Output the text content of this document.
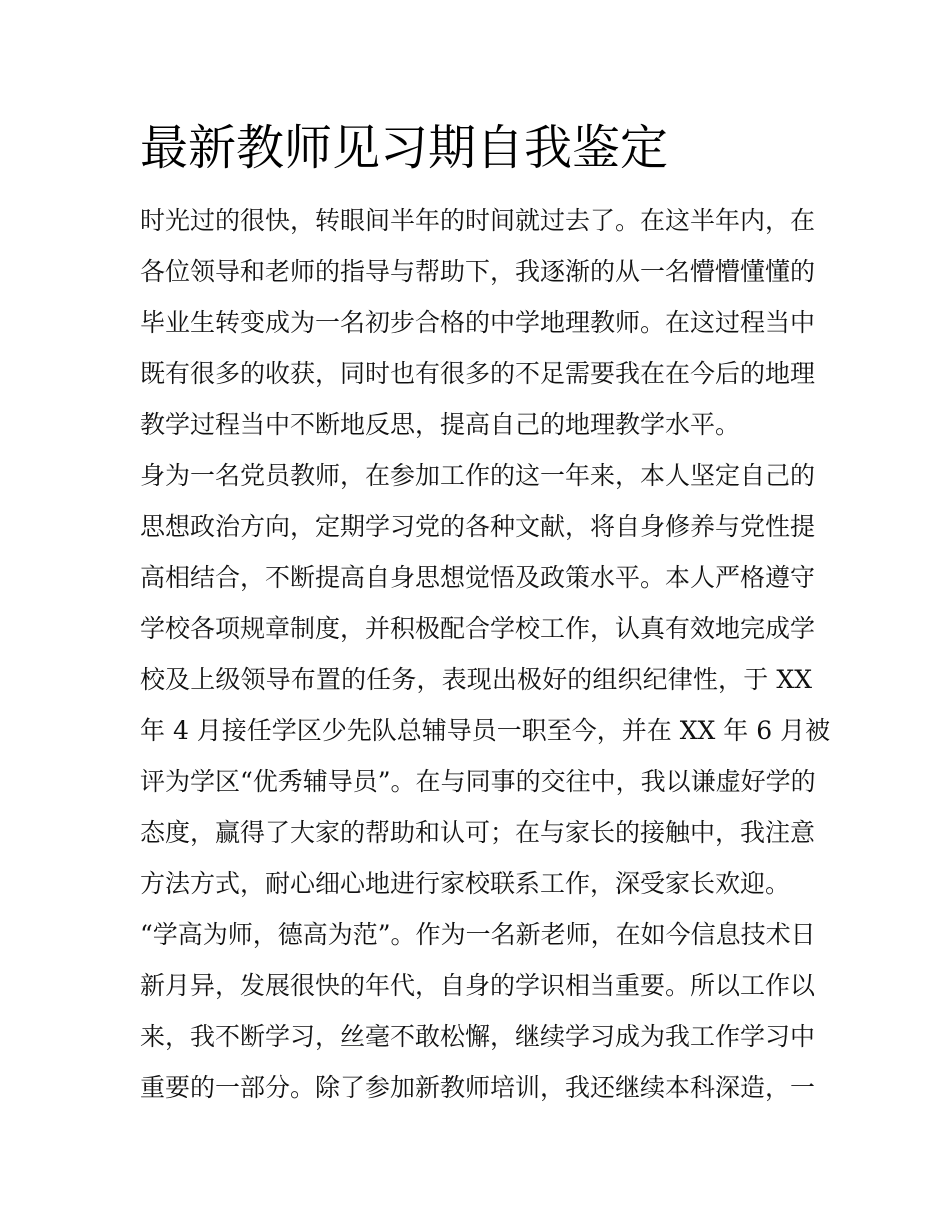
最新教师见习期自我鉴定

时光过的很快，转眼间半年的时间就过去了。在这半年内，在

各位领导和老师的指导与帮助下，我逐渐的从一名懵懵懂懂的

毕业生转变成为一名初步合格的中学地理教师。在这过程当中

既有很多的收获，同时也有很多的不足需要我在在今后的地理

教学过程当中不断地反思，提高自己的地理教学水平。

身为一名党员教师，在参加工作的这一年来，本人坚定自己的

思想政治方向，定期学习党的各种文献，将自身修养与党性提

高相结合，不断提高自身思想觉悟及政策水平。本人严格遵守

学校各项规章制度，并积极配合学校工作，认真有效地完成学

校及上级领导布置的任务，表现出极好的组织纪律性，于 XX

年 4 月接任学区少先队总辅导员一职至今，并在 XX 年 6 月被

评为学区“优秀辅导员”。在与同事的交往中，我以谦虚好学的

态度，赢得了大家的帮助和认可；在与家长的接触中，我注意

方法方式，耐心细心地进行家校联系工作，深受家长欢迎。

“学高为师，德高为范”。作为一名新老师，在如今信息技术日

新月异，发展很快的年代，自身的学识相当重要。所以工作以

来，我不断学习，丝毫不敢松懈，继续学习成为我工作学习中

重要的一部分。除了参加新教师培训，我还继续本科深造，一
